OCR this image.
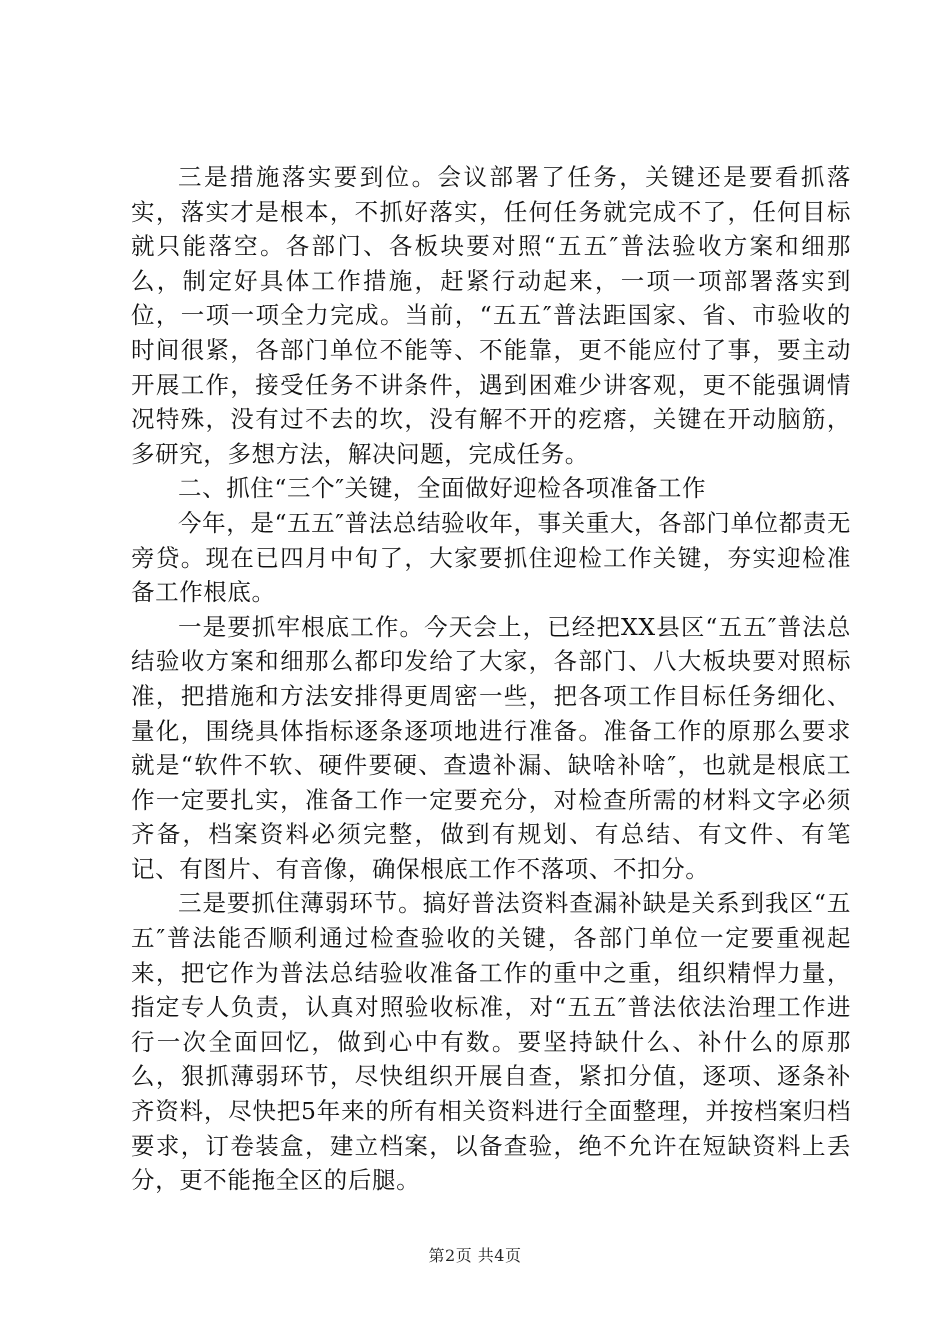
三是措施落实要到位。会议部署了任务，关键还是要看抓落实，落实才是根本，不抓好落实，任何任务就完成不了，任何目标就只能落空。各部门、各板块要对照“五五″普法验收方案和细那么，制定好具体工作措施，赶紧行动起来，一项一项部署落实到位，一项一项全力完成。当前，“五五″普法距国家、省、市验收的时间很紧，各部门单位不能等、不能靠，更不能应付了事，要主动开展工作，接受任务不讲条件，遇到困难少讲客观，更不能强调情况特殊，没有过不去的坎，没有解不开的疙瘩，关键在开动脑筋，多研究，多想方法，解决问题，完成任务。

二、抓住“三个″关键，全面做好迎检各项准备工作

今年，是“五五″普法总结验收年，事关重大，各部门单位都责无旁贷。现在已四月中旬了，大家要抓住迎检工作关键，夯实迎检准备工作根底。

一是要抓牢根底工作。今天会上，已经把XX县区“五五″普法总结验收方案和细那么都印发给了大家，各部门、八大板块要对照标准，把措施和方法安排得更周密一些，把各项工作目标任务细化、量化，围绕具体指标逐条逐项地进行准备。准备工作的原那么要求就是“软件不软、硬件要硬、查遗补漏、缺啥补啥″，也就是根底工作一定要扎实，准备工作一定要充分，对检查所需的材料文字必须齐备，档案资料必须完整，做到有规划、有总结、有文件、有笔记、有图片、有音像，确保根底工作不落项、不扣分。

三是要抓住薄弱环节。搞好普法资料查漏补缺是关系到我区“五五″普法能否顺利通过检查验收的关键，各部门单位一定要重视起来，把它作为普法总结验收准备工作的重中之重，组织精悍力量，指定专人负责，认真对照验收标准，对“五五″普法依法治理工作进行一次全面回忆，做到心中有数。要坚持缺什么、补什么的原那么，狠抓薄弱环节，尽快组织开展自查，紧扣分值，逐项、逐条补齐资料，尽快把5年来的所有相关资料进行全面整理，并按档案归档要求，订卷装盒，建立档案，以备查验，绝不允许在短缺资料上丢分，更不能拖全区的后腿。

第2页 共4页
